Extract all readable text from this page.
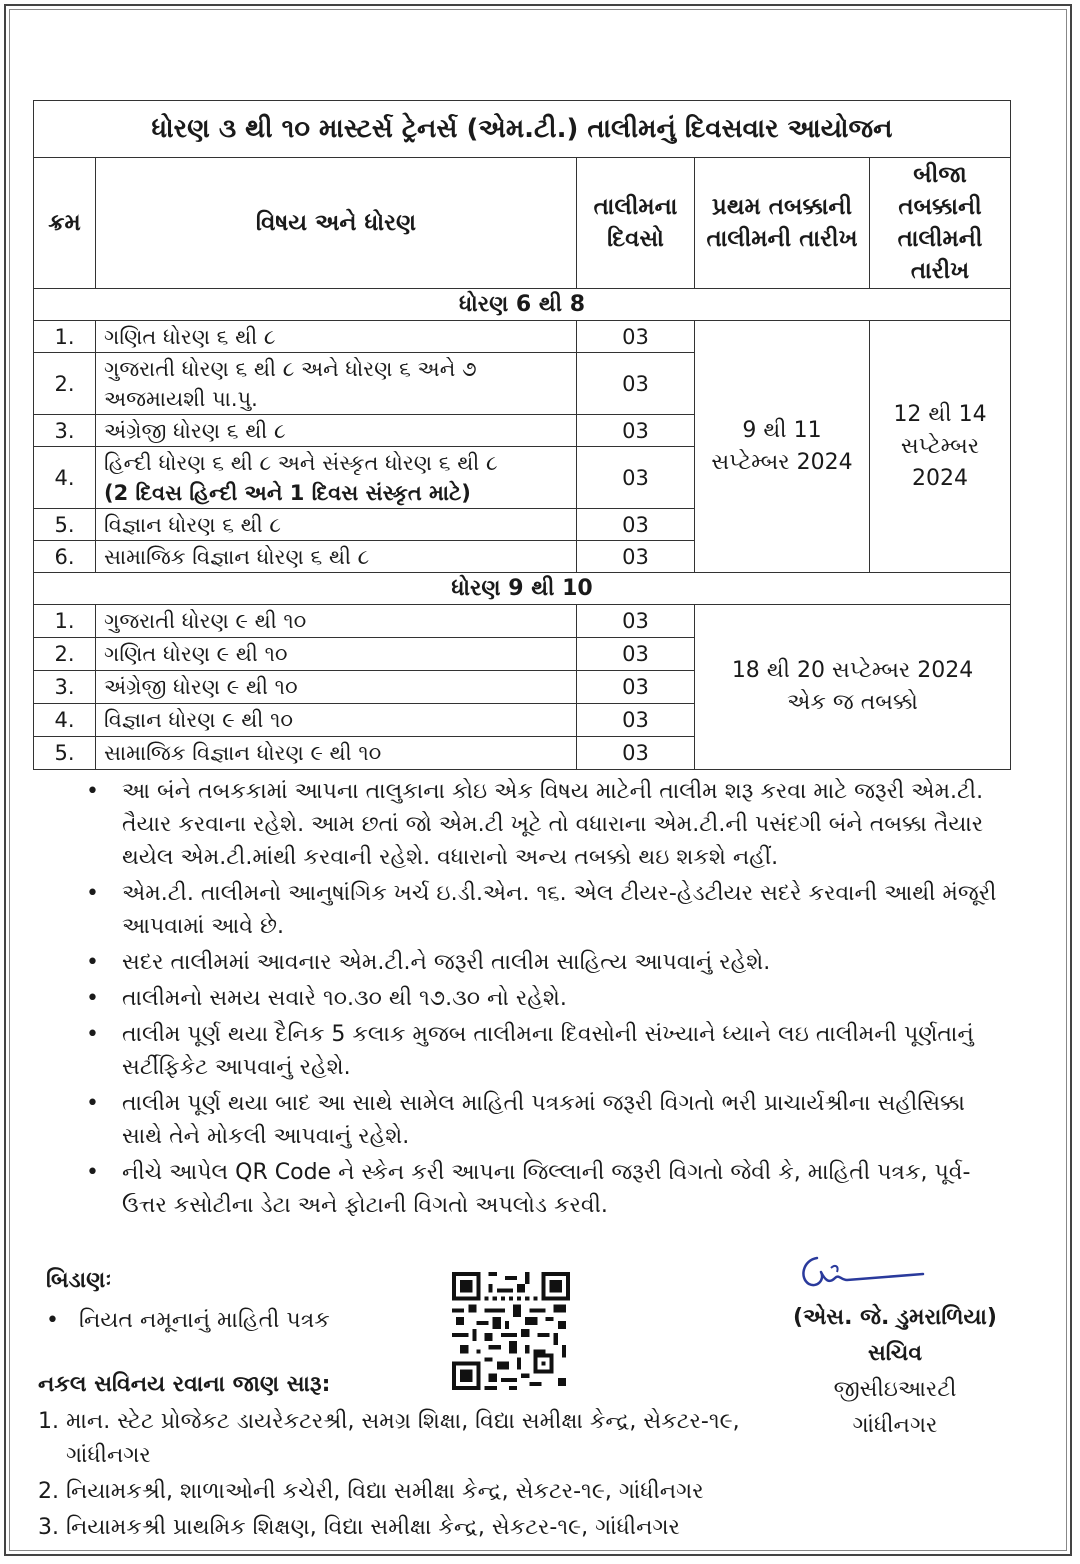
ધોરણ ૩ થી ૧૦ માસ્ટર્સ ટ્રેનર્સ (એમ.ટી.) તાલીમનું દિવસવાર આયોજન				
ક્રમ	વિષય અને ધોરણ	તાલીમના દિવસો	પ્રથમ તબક્કાની તાલીમની તારીખ	બીજા તબક્કાની તાલીમની તારીખ
ધોરણ 6 થી 8				
1.	ગણિત ધોરણ ૬ થી ૮	03	9 થી 11 સપ્ટેમ્બર 2024	12 થી 14 સપ્ટેમ્બર 2024
2.	ગુજરાતી ધોરણ ૬ થી ૮ અને ધોરણ ૬ અને ૭ અજમાયશી પા.પુ.	03		
3.	અંગ્રેજી ધોરણ ૬ થી ૮	03		
4.	હિન્દી ધોરણ ૬ થી ૮ અને સંસ્કૃત ધોરણ ૬ થી ૮
(2 દિવસ હિન્દી અને 1 દિવસ સંસ્કૃત માટે)	03		
5.	વિજ્ઞાન ધોરણ ૬ થી ૮	03		
6.	સામાજિક વિજ્ઞાન ધોરણ ૬ થી ૮	03		
ધોરણ 9 થી 10				
1.	ગુજરાતી ધોરણ ૯ થી ૧૦	03	18 થી 20 સપ્ટેમ્બર 2024
એક જ તબક્કો	

2.	ગણિત ધોરણ ૯ થી ૧૦	03		
3.	અંગ્રેજી ધોરણ ૯ થી ૧૦	03		
4.	વિજ્ઞાન ધોરણ ૯ થી ૧૦	03		
5.	સામાજિક વિજ્ઞાન ધોરણ ૯ થી ૧૦	03		
• આ બંને તબકકામાં આપના તાલુકાના કોઇ એક વિષય માટેની તાલીમ શરૂ કરવા માટે જરૂરી એમ.ટી. તૈયાર કરવાના રહેશે. આમ છતાં જો એમ.ટી ખૂટે તો વધારાના એમ.ટી.ની પસંદગી બંને તબક્કા તૈયાર થયેલ એમ.ટી.માંથી કરવાની રહેશે. વધારાનો અન્ય તબક્કો થઇ શકશે નહીં.
• એમ.ટી. તાલીમનો આનુષાંગિક ખર્ચ ઇ.ડી.એન. ૧૬. એલ ટીયર-હેડટીયર સદરે કરવાની આથી મંજૂરી આપવામાં આવે છે.
• સદર તાલીમમાં આવનાર એમ.ટી.ને જરૂરી તાલીમ સાહિત્ય આપવાનું રહેશે.
• તાલીમનો સમય સવારે ૧૦.૩૦ થી ૧૭.૩૦ નો રહેશે.
• તાલીમ પૂર્ણ થયા દૈનિક 5 કલાક મુજબ તાલીમના દિવસોની સંખ્યાને ધ્યાને લઇ તાલીમની પૂર્ણતાનું સર્ટીફિકેટ આપવાનું રહેશે.
• તાલીમ પૂર્ણ થયા બાદ આ સાથે સામેલ માહિતી પત્રકમાં જરૂરી વિગતો ભરી પ્રાચાર્યશ્રીના સહીસિક્કા સાથે તેને મોકલી આપવાનું રહેશે.
• નીચે આપેલ QR Code ને સ્કેન કરી આપના જિલ્લાની જરૂરી વિગતો જેવી કે, માહિતી પત્રક, પૂર્વ-ઉત્તર કસોટીના ડેટા અને ફોટાની વિગતો અપલોડ કરવી.
બિડાણઃ
• નિયત નમૂનાનું માહિતી પત્રક	(એસ. જે. ડુમરાળિયા)
સચિવ
જીસીઇઆરટી
ગાંધીનગર
નકલ સવિનય રવાના જાણ સારૂ:
1. માન. સ્ટેટ પ્રોજેકટ ડાયરેકટરશ્રી, સમગ્ર શિક્ષા, વિદ્યા સમીક્ષા કેન્દ્ર, સેકટર-૧૯, ગાંધીનગર
2. નિયામકશ્રી, શાળાઓની કચેરી, વિદ્યા સમીક્ષા કેન્દ્ર, સેકટર-૧૯, ગાંધીનગર
3. નિયામકશ્રી પ્રાથમિક શિક્ષણ, વિદ્યા સમીક્ષા કેન્દ્ર, સેકટર-૧૯, ગાંધીનગર
